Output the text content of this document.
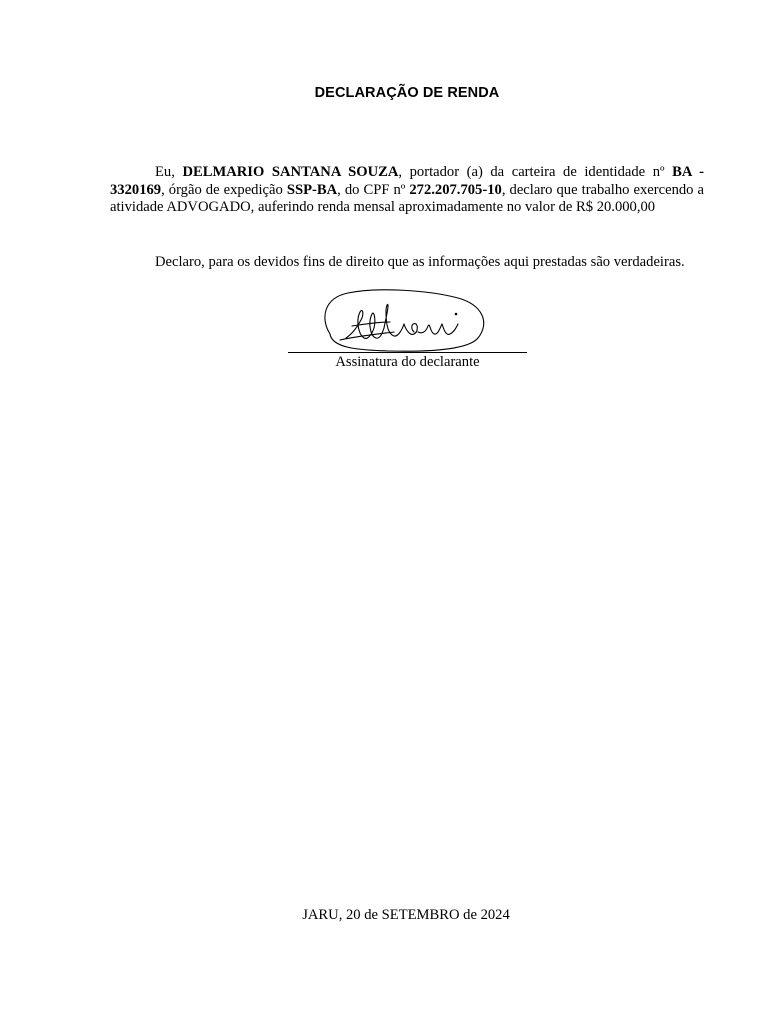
DECLARAÇÃO DE RENDA

Eu, DELMARIO SANTANA SOUZA, portador (a) da carteira de identidade nº BA - 3320169, órgão de expedição SSP-BA, do CPF nº 272.207.705-10, declaro que trabalho exercendo a atividade ADVOGADO, auferindo renda mensal aproximadamente no valor de R$ 20.000,00

Declaro, para os devidos fins de direito que as informações aqui prestadas são verdadeiras.

Assinatura do declarante
JARU, 20 de SETEMBRO de 2024
